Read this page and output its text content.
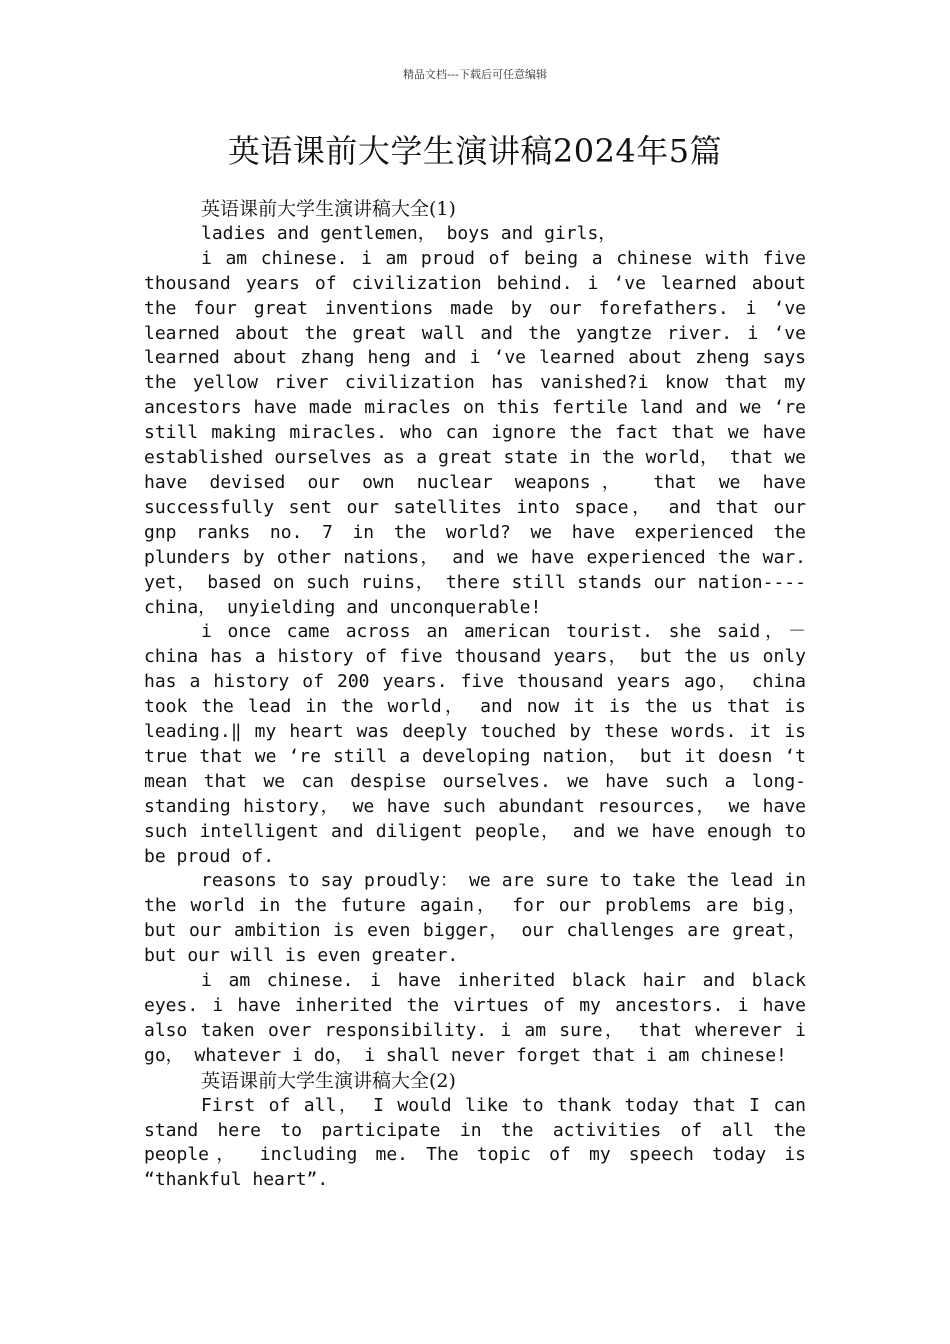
精品文档---下载后可任意编辑
英语课前大学生演讲稿2024年5篇

英语课前大学生演讲稿大全(1)

ladies and gentlemen， boys and girls，

i am chinese. i am proud of being a chinese with five thousand years of civilization behind. i ‘ve learned about the four great inventions made by our forefathers. i ‘ve learned about the great wall and the yangtze river. i ‘ve learned about zhang heng and i ‘ve learned about zheng says the yellow river civilization has vanished?i know that my ancestors have made miracles on this fertile land and we ‘re still making miracles. who can ignore the fact that we have established ourselves as a great state in the world， that we have devised our own nuclear weapons， that we have successfully sent our satellites into space， and that our gnp ranks no. 7 in the world? we have experienced the plunders by other nations， and we have experienced the war. yet， based on such ruins， there still stands our nation----china， unyielding and unconquerable!

i once came across an american tourist. she said，－china has a history of five thousand years， but the us only has a history of 200 years. five thousand years ago， china took the lead in the world， and now it is the us that is leading.‖ my heart was deeply touched by these words. it is true that we ‘re still a developing nation， but it doesn ‘t mean that we can despise ourselves. we have such a long-standing history， we have such abundant resources， we have such intelligent and diligent people， and we have enough to be proud of.

reasons to say proudly： we are sure to take the lead in the world in the future again， for our problems are big， but our ambition is even bigger， our challenges are great， but our will is even greater.

i am chinese. i have inherited black hair and black eyes. i have inherited the virtues of my ancestors. i have also taken over responsibility. i am sure， that wherever i go， whatever i do， i shall never forget that i am chinese!

英语课前大学生演讲稿大全(2)

First of all， I would like to thank today that I can stand here to participate in the activities of all the people， including me. The topic of my speech today is “thankful heart”.
